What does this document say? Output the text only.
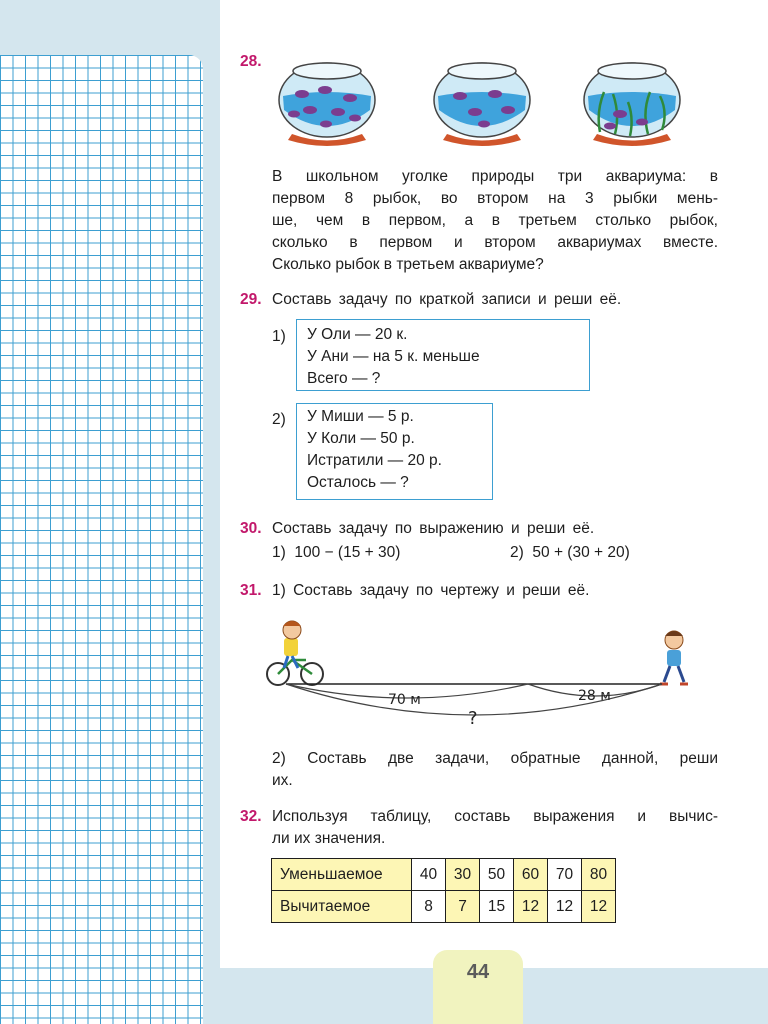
28.
В школьном уголке природы три аквариума: в
первом 8 рыбок, во втором на 3 рыбки мень-
ше, чем в первом, а в третьем столько рыбок,
сколько в первом и втором аквариумах вместе.
Сколько рыбок в третьем аквариуме?
29. Составь задачу по краткой записи и реши её.
1) У Оли — 20 к.
У Ани — на 5 к. меньше
Всего — ?
2) У Миши — 5 р.
У Коли — 50 р.
Истратили — 20 р.
Осталось — ?
30. Составь задачу по выражению и реши её.
1)  100 − (15 + 30)	2)  50 + (30 + 20)
31. 1) Составь задачу по чертежу и реши её.
70 м	28 м
?
2) Составь две задачи, обратные данной, реши
их.
32. Используя таблицу, составь выражения и вычис-
ли их значения.
Уменьшаемое	40	30	50	60	70	80
Вычитаемое	8	7	15	12	12	12
44
